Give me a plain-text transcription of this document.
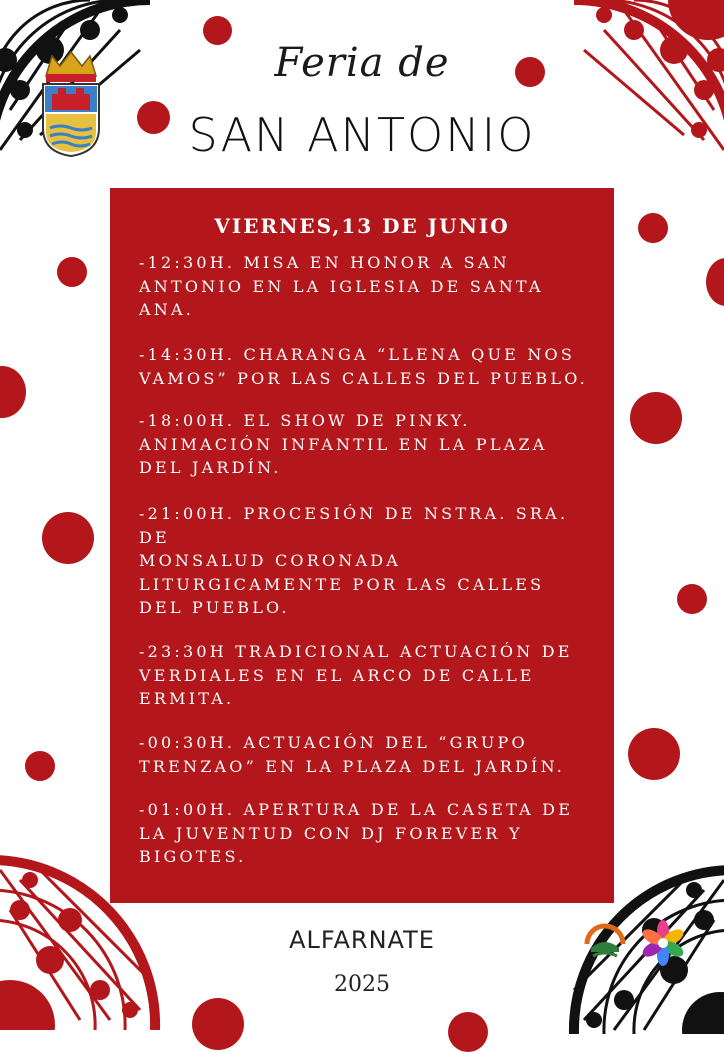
Feria de
SAN ANTONIO
VIERNES,13 DE JUNIO
-12:30H. MISA EN HONOR A SAN
ANTONIO EN LA IGLESIA DE SANTA
ANA.
-14:30H. CHARANGA “LLENA QUE NOS
VAMOS” POR LAS CALLES DEL PUEBLO.
-18:00H. EL SHOW DE PINKY.
ANIMACIÓN INFANTIL EN LA PLAZA
DEL JARDÍN.
-21:00H. PROCESIÓN DE NSTRA. SRA. DE
MONSALUD CORONADA
LITURGICAMENTE POR LAS CALLES
DEL PUEBLO.
-23:30H TRADICIONAL ACTUACIÓN DE
VERDIALES EN EL ARCO DE CALLE
ERMITA.
-00:30H. ACTUACIÓN DEL “GRUPO
TRENZAO” EN LA PLAZA DEL JARDÍN.
-01:00H. APERTURA DE LA CASETA DE
LA JUVENTUD CON DJ FOREVER Y
BIGOTES.
ALFARNATE
2025
